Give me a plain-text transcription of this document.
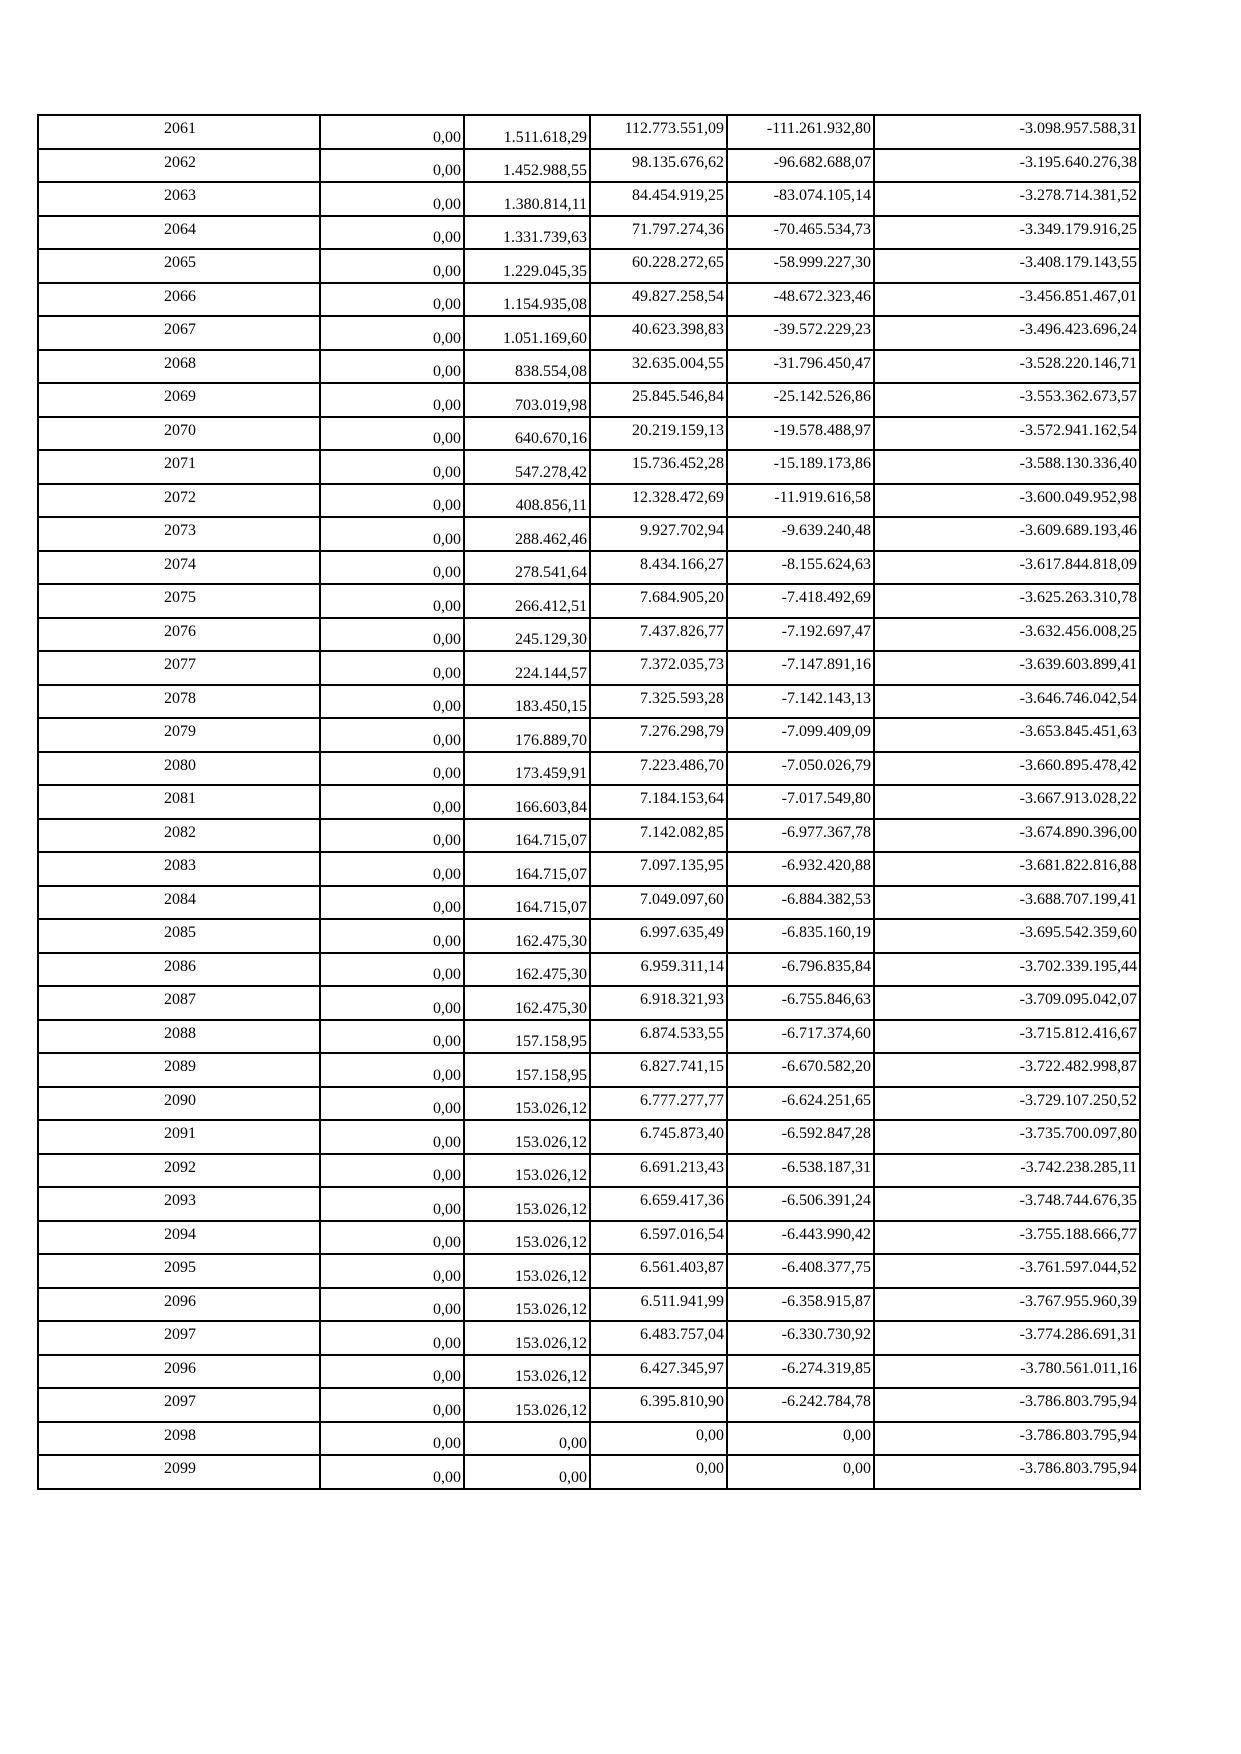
2061	0,00	1.511.618,29	112.773.551,09	-111.261.932,80	-3.098.957.588,31
2062	0,00	1.452.988,55	98.135.676,62	-96.682.688,07	-3.195.640.276,38
2063	0,00	1.380.814,11	84.454.919,25	-83.074.105,14	-3.278.714.381,52
2064	0,00	1.331.739,63	71.797.274,36	-70.465.534,73	-3.349.179.916,25
2065	0,00	1.229.045,35	60.228.272,65	-58.999.227,30	-3.408.179.143,55
2066	0,00	1.154.935,08	49.827.258,54	-48.672.323,46	-3.456.851.467,01
2067	0,00	1.051.169,60	40.623.398,83	-39.572.229,23	-3.496.423.696,24
2068	0,00	838.554,08	32.635.004,55	-31.796.450,47	-3.528.220.146,71
2069	0,00	703.019,98	25.845.546,84	-25.142.526,86	-3.553.362.673,57
2070	0,00	640.670,16	20.219.159,13	-19.578.488,97	-3.572.941.162,54
2071	0,00	547.278,42	15.736.452,28	-15.189.173,86	-3.588.130.336,40
2072	0,00	408.856,11	12.328.472,69	-11.919.616,58	-3.600.049.952,98
2073	0,00	288.462,46	9.927.702,94	-9.639.240,48	-3.609.689.193,46
2074	0,00	278.541,64	8.434.166,27	-8.155.624,63	-3.617.844.818,09
2075	0,00	266.412,51	7.684.905,20	-7.418.492,69	-3.625.263.310,78
2076	0,00	245.129,30	7.437.826,77	-7.192.697,47	-3.632.456.008,25
2077	0,00	224.144,57	7.372.035,73	-7.147.891,16	-3.639.603.899,41
2078	0,00	183.450,15	7.325.593,28	-7.142.143,13	-3.646.746.042,54
2079	0,00	176.889,70	7.276.298,79	-7.099.409,09	-3.653.845.451,63
2080	0,00	173.459,91	7.223.486,70	-7.050.026,79	-3.660.895.478,42
2081	0,00	166.603,84	7.184.153,64	-7.017.549,80	-3.667.913.028,22
2082	0,00	164.715,07	7.142.082,85	-6.977.367,78	-3.674.890.396,00
2083	0,00	164.715,07	7.097.135,95	-6.932.420,88	-3.681.822.816,88
2084	0,00	164.715,07	7.049.097,60	-6.884.382,53	-3.688.707.199,41
2085	0,00	162.475,30	6.997.635,49	-6.835.160,19	-3.695.542.359,60
2086	0,00	162.475,30	6.959.311,14	-6.796.835,84	-3.702.339.195,44
2087	0,00	162.475,30	6.918.321,93	-6.755.846,63	-3.709.095.042,07
2088	0,00	157.158,95	6.874.533,55	-6.717.374,60	-3.715.812.416,67
2089	0,00	157.158,95	6.827.741,15	-6.670.582,20	-3.722.482.998,87
2090	0,00	153.026,12	6.777.277,77	-6.624.251,65	-3.729.107.250,52
2091	0,00	153.026,12	6.745.873,40	-6.592.847,28	-3.735.700.097,80
2092	0,00	153.026,12	6.691.213,43	-6.538.187,31	-3.742.238.285,11
2093	0,00	153.026,12	6.659.417,36	-6.506.391,24	-3.748.744.676,35
2094	0,00	153.026,12	6.597.016,54	-6.443.990,42	-3.755.188.666,77
2095	0,00	153.026,12	6.561.403,87	-6.408.377,75	-3.761.597.044,52
2096	0,00	153.026,12	6.511.941,99	-6.358.915,87	-3.767.955.960,39
2097	0,00	153.026,12	6.483.757,04	-6.330.730,92	-3.774.286.691,31
2096	0,00	153.026,12	6.427.345,97	-6.274.319,85	-3.780.561.011,16
2097	0,00	153.026,12	6.395.810,90	-6.242.784,78	-3.786.803.795,94
2098	0,00	0,00	0,00	0,00	-3.786.803.795,94
2099	0,00	0,00	0,00	0,00	-3.786.803.795,94
